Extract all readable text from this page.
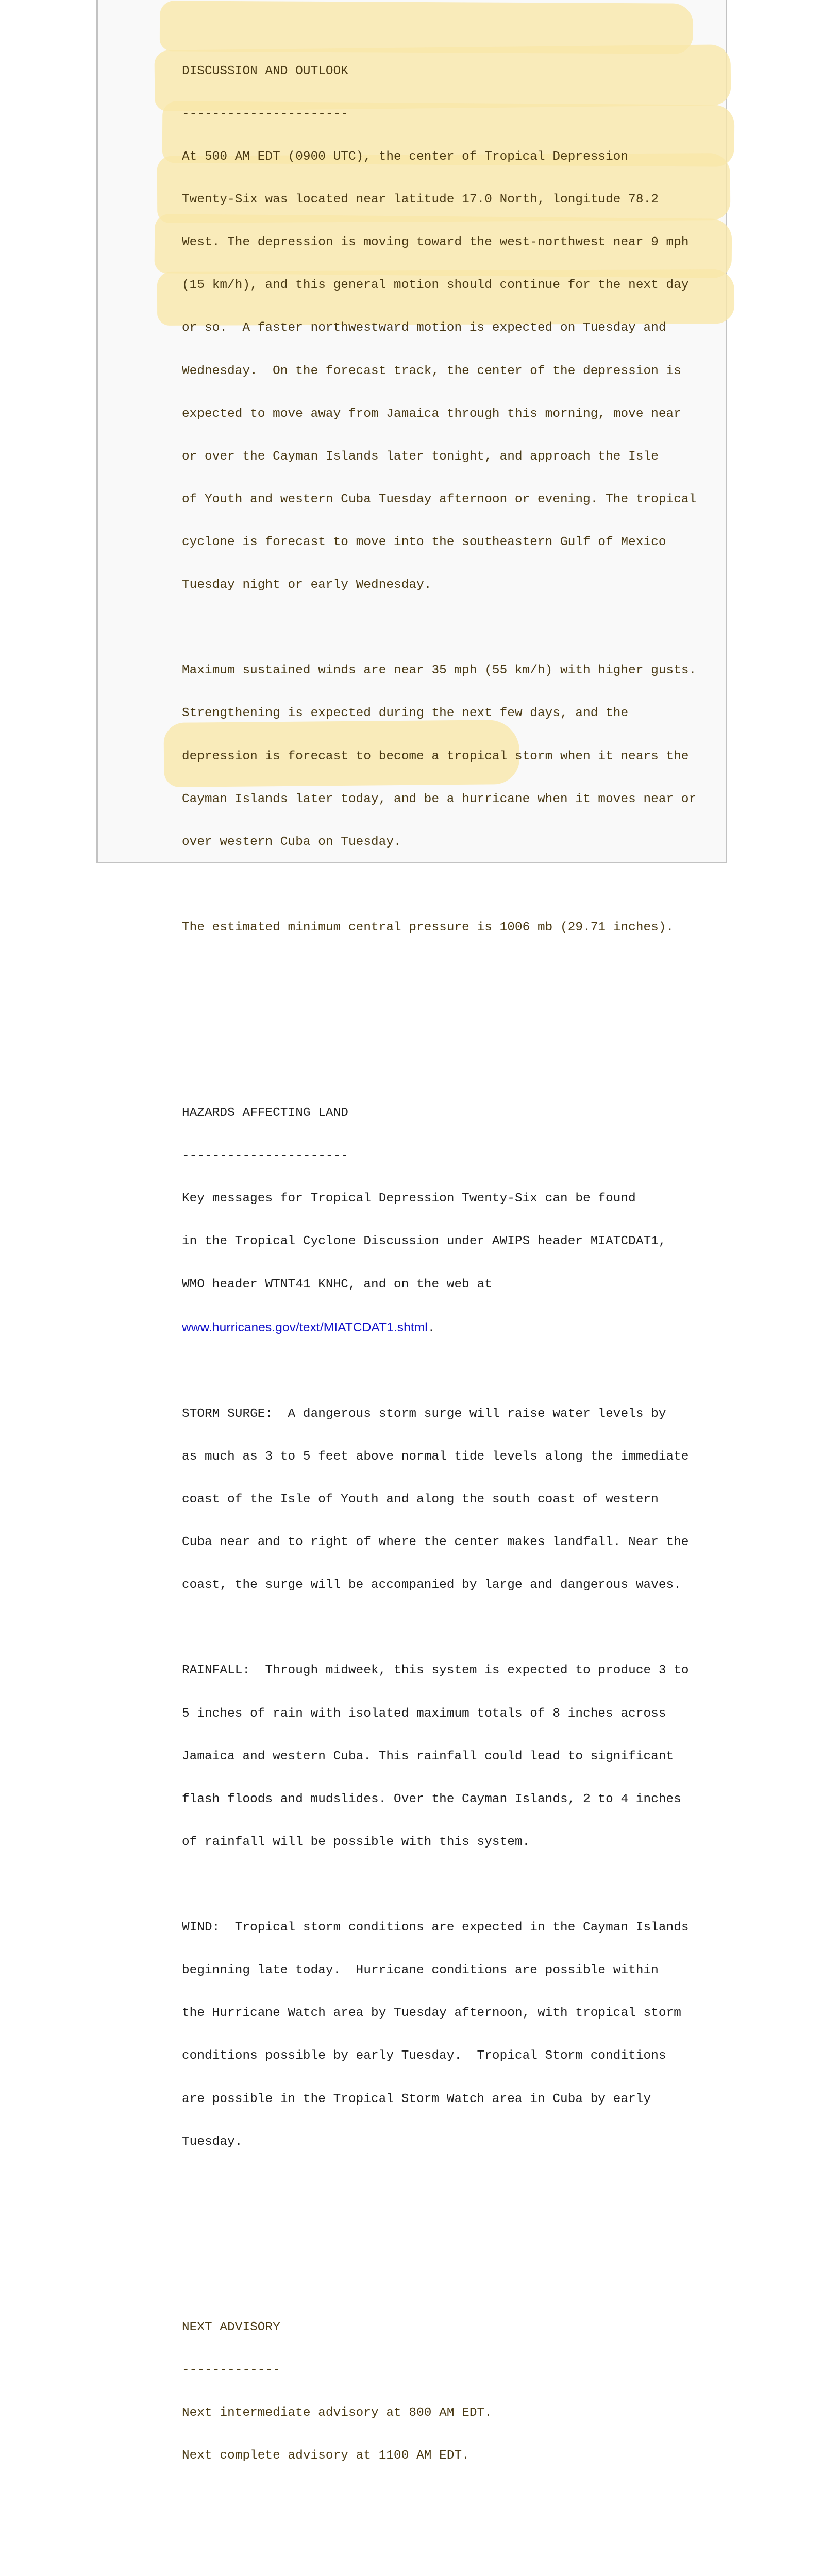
DISCUSSION AND OUTLOOK

----------------------

At 500 AM EDT (0900 UTC), the center of Tropical Depression

Twenty-Six was located near latitude 17.0 North, longitude 78.2

West. The depression is moving toward the west-northwest near 9 mph

(15 km/h), and this general motion should continue for the next day

or so.  A faster northwestward motion is expected on Tuesday and

Wednesday.  On the forecast track, the center of the depression is

expected to move away from Jamaica through this morning, move near

or over the Cayman Islands later tonight, and approach the Isle

of Youth and western Cuba Tuesday afternoon or evening. The tropical

cyclone is forecast to move into the southeastern Gulf of Mexico

Tuesday night or early Wednesday.

Maximum sustained winds are near 35 mph (55 km/h) with higher gusts.

Strengthening is expected during the next few days, and the

depression is forecast to become a tropical storm when it nears the

Cayman Islands later today, and be a hurricane when it moves near or

over western Cuba on Tuesday.

The estimated minimum central pressure is 1006 mb (29.71 inches).

HAZARDS AFFECTING LAND

----------------------

Key messages for Tropical Depression Twenty-Six can be found

in the Tropical Cyclone Discussion under AWIPS header MIATCDAT1,

WMO header WTNT41 KNHC, and on the web at

www.hurricanes.gov/text/MIATCDAT1.shtml.

STORM SURGE:  A dangerous storm surge will raise water levels by

as much as 3 to 5 feet above normal tide levels along the immediate

coast of the Isle of Youth and along the south coast of western

Cuba near and to right of where the center makes landfall. Near the

coast, the surge will be accompanied by large and dangerous waves.

RAINFALL:  Through midweek, this system is expected to produce 3 to

5 inches of rain with isolated maximum totals of 8 inches across

Jamaica and western Cuba. This rainfall could lead to significant

flash floods and mudslides. Over the Cayman Islands, 2 to 4 inches

of rainfall will be possible with this system.

WIND:  Tropical storm conditions are expected in the Cayman Islands

beginning late today.  Hurricane conditions are possible within

the Hurricane Watch area by Tuesday afternoon, with tropical storm

conditions possible by early Tuesday.  Tropical Storm conditions

are possible in the Tropical Storm Watch area in Cuba by early

Tuesday.

NEXT ADVISORY

-------------

Next intermediate advisory at 800 AM EDT.

Next complete advisory at 1100 AM EDT.
